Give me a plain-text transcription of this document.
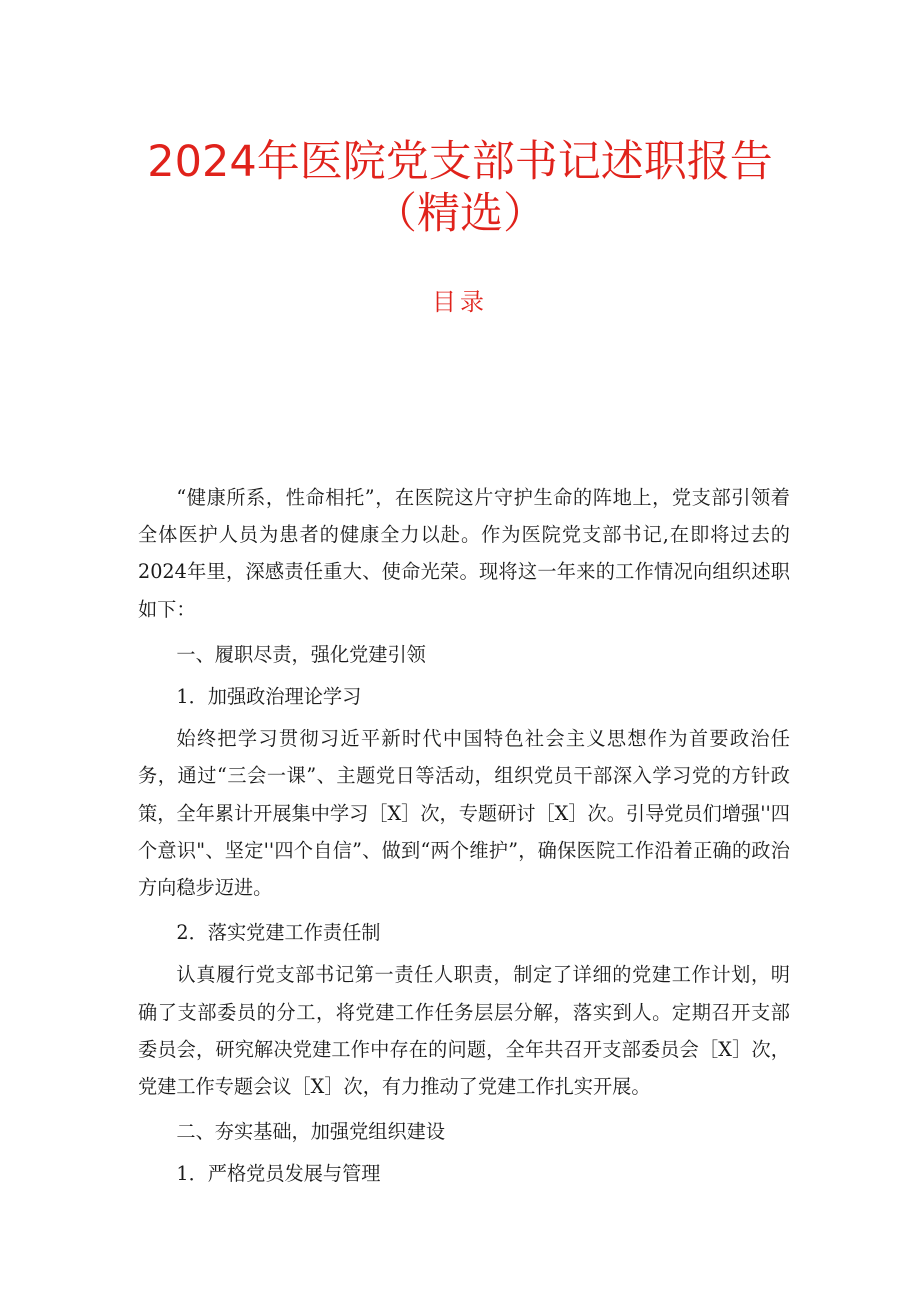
2024年医院党支部书记述职报告
（精选）
目录

“健康所系，性命相托”，在医院这片守护生命的阵地上，党支部引领着全体医护人员为患者的健康全力以赴。作为医院党支部书记,在即将过去的2024年里，深感责任重大、使命光荣。现将这一年来的工作情况向组织述职如下：

一、履职尽责，强化党建引领

1．加强政治理论学习

始终把学习贯彻习近平新时代中国特色社会主义思想作为首要政治任务，通过“三会一课”、主题党日等活动，组织党员干部深入学习党的方针政策，全年累计开展集中学习［X］次，专题研讨［X］次。引导党员们增强''四个意识"、坚定''四个自信”、做到“两个维护”，确保医院工作沿着正确的政治方向稳步迈进。

2．落实党建工作责任制

认真履行党支部书记第一责任人职责，制定了详细的党建工作计划，明确了支部委员的分工，将党建工作任务层层分解，落实到人。定期召开支部委员会，研究解决党建工作中存在的问题，全年共召开支部委员会［X］次，党建工作专题会议［X］次，有力推动了党建工作扎实开展。

二、夯实基础，加强党组织建设

1．严格党员发展与管理
